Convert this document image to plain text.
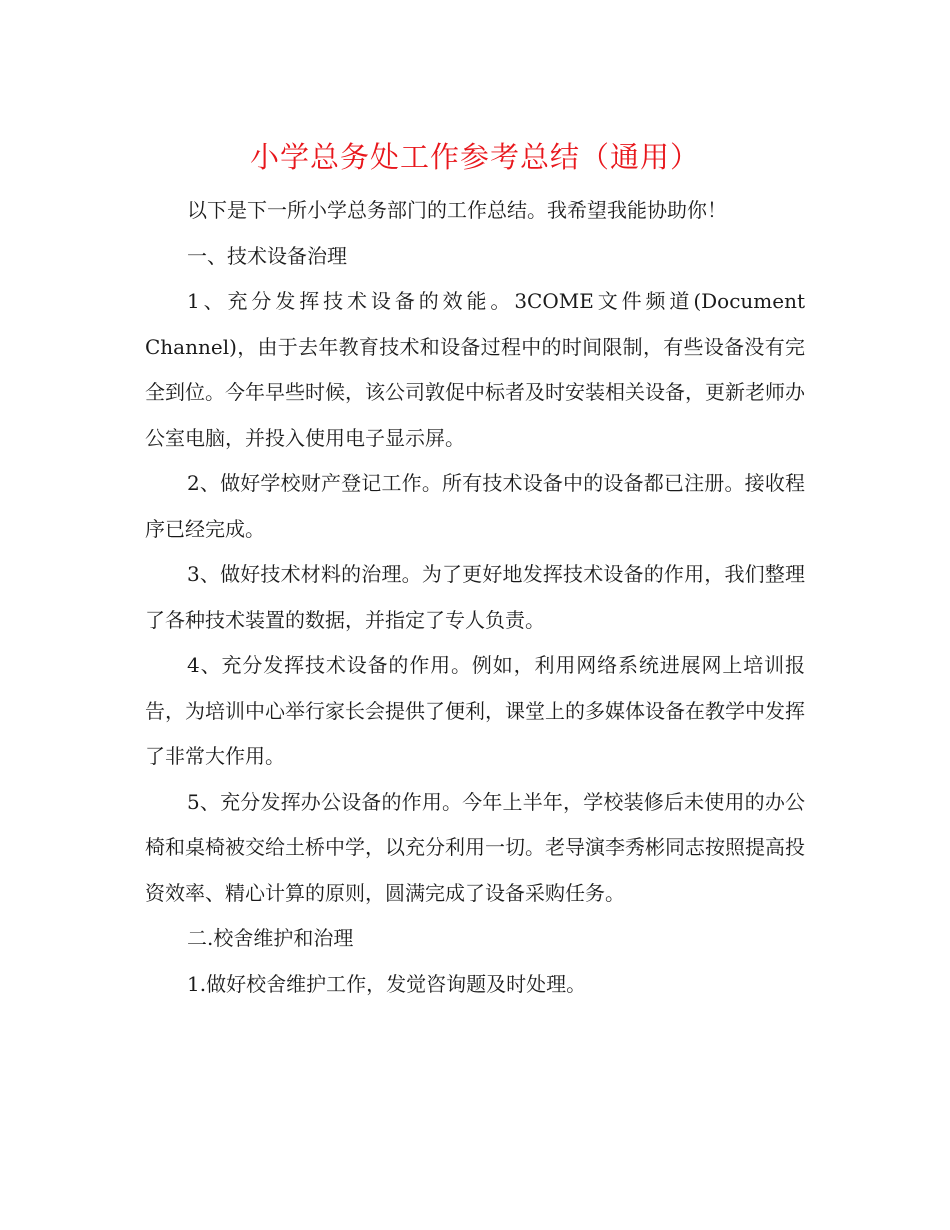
小学总务处工作参考总结（通用）

以下是下一所小学总务部门的工作总结。我希望我能协助你！

一、技术设备治理

1、充分发挥技术设备的效能。3COME文件频道(Document Channel)，由于去年教育技术和设备过程中的时间限制，有些设备没有完全到位。今年早些时候，该公司敦促中标者及时安装相关设备，更新老师办公室电脑，并投入使用电子显示屏。

2、做好学校财产登记工作。所有技术设备中的设备都已注册。接收程序已经完成。

3、做好技术材料的治理。为了更好地发挥技术设备的作用，我们整理了各种技术装置的数据，并指定了专人负责。

4、充分发挥技术设备的作用。例如，利用网络系统进展网上培训报告，为培训中心举行家长会提供了便利，课堂上的多媒体设备在教学中发挥了非常大作用。

5、充分发挥办公设备的作用。今年上半年，学校装修后未使用的办公椅和桌椅被交给土桥中学，以充分利用一切。老导演李秀彬同志按照提高投资效率、精心计算的原则，圆满完成了设备采购任务。

二.校舍维护和治理

1.做好校舍维护工作，发觉咨询题及时处理。
